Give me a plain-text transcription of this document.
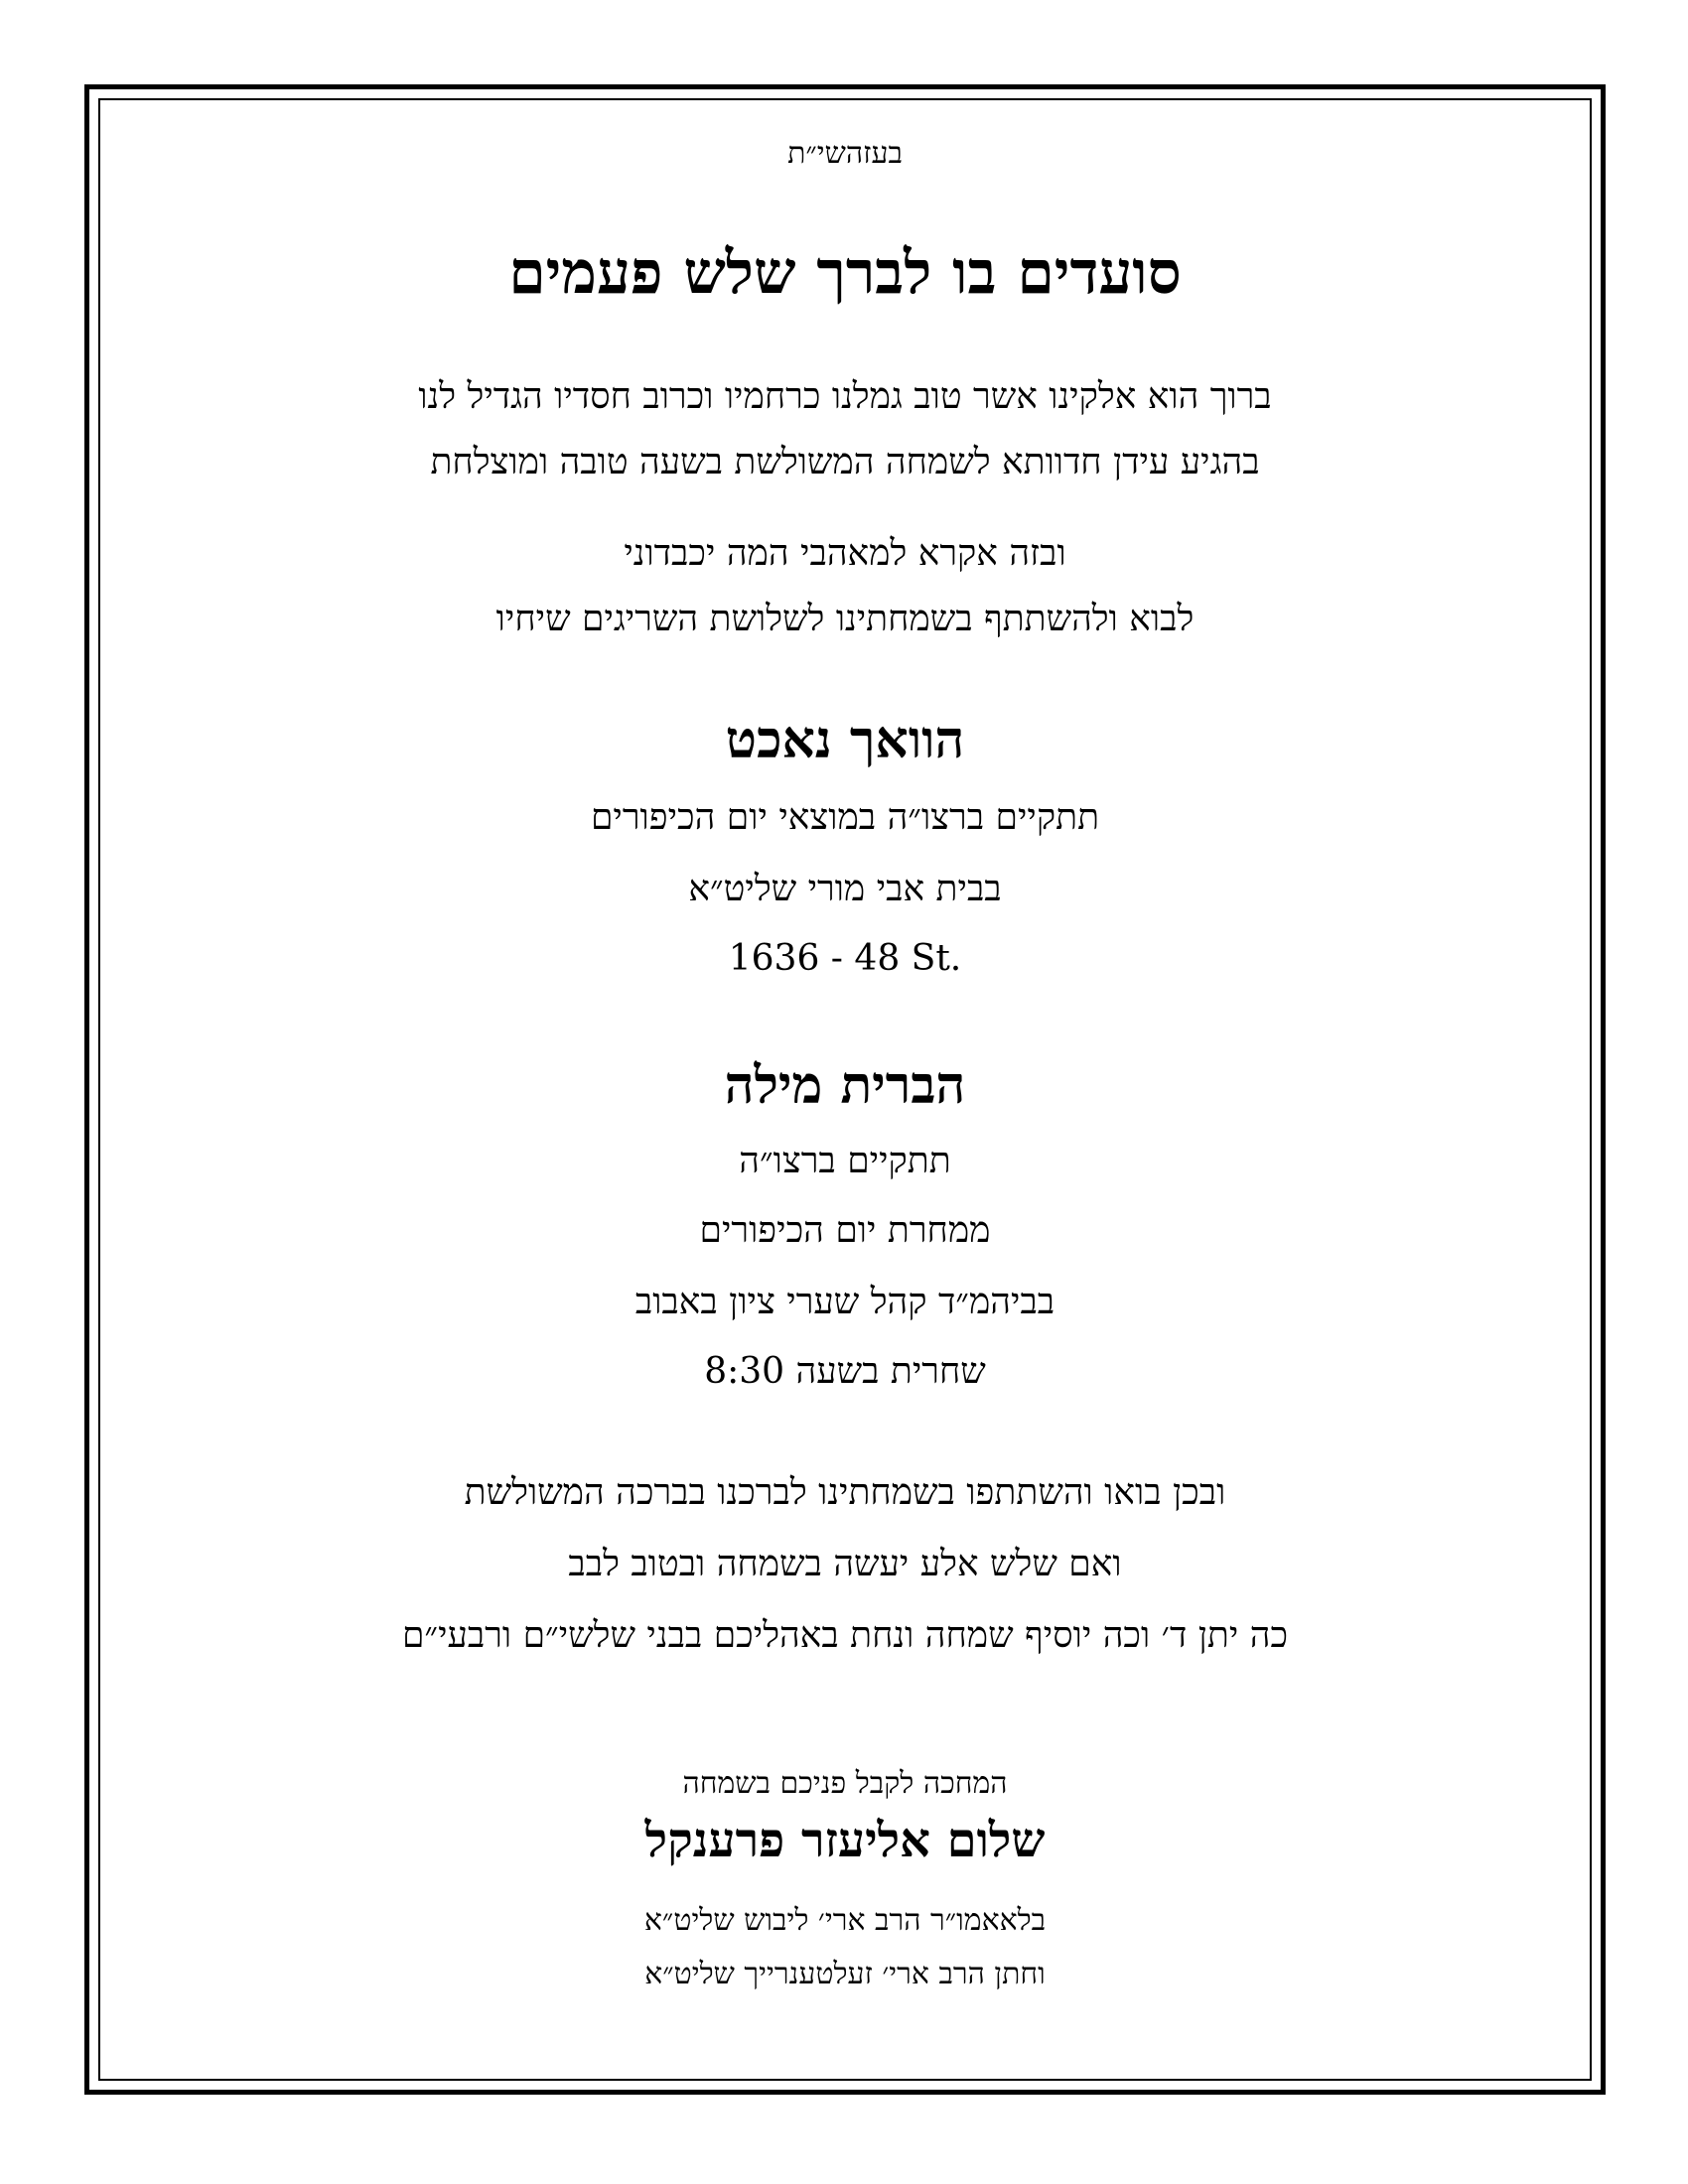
בעזהשי״ת
סועדים בו לברך שלש פעמים
ברוך הוא אלקינו אשר טוב גמלנו כרחמיו וכרוב חסדיו הגדיל לנו
בהגיע עידן חדוותא לשמחה המשולשת בשעה טובה ומוצלחת
ובזה אקרא למאהבי המה יכבדוני
לבוא ולהשתתף בשמחתינו לשלושת השריגים שיחיו
הוואך נאכט
תתקיים ברצו״ה במוצאי יום הכיפורים
בבית אבי מורי שליט״א
1636 - 48 St.
הברית מילה
תתקיים ברצו״ה
ממחרת יום הכיפורים
בביהמ״ד קהל שערי ציון באבוב
שחרית בשעה 8:30
ובכן בואו והשתתפו בשמחתינו לברכנו בברכה המשולשת
ואם שלש אלע יעשה בשמחה ובטוב לבב
כה יתן ד׳ וכה יוסיף שמחה ונחת באהליכם בבני שלשי״ם ורבעי״ם
המחכה לקבל פניכם בשמחה
שלום אליעזר פרענקל
בלאאמו״ר הרב ארי׳ ליבוש שליט״א
וחתן הרב ארי׳ זעלטענרייך שליט״א
